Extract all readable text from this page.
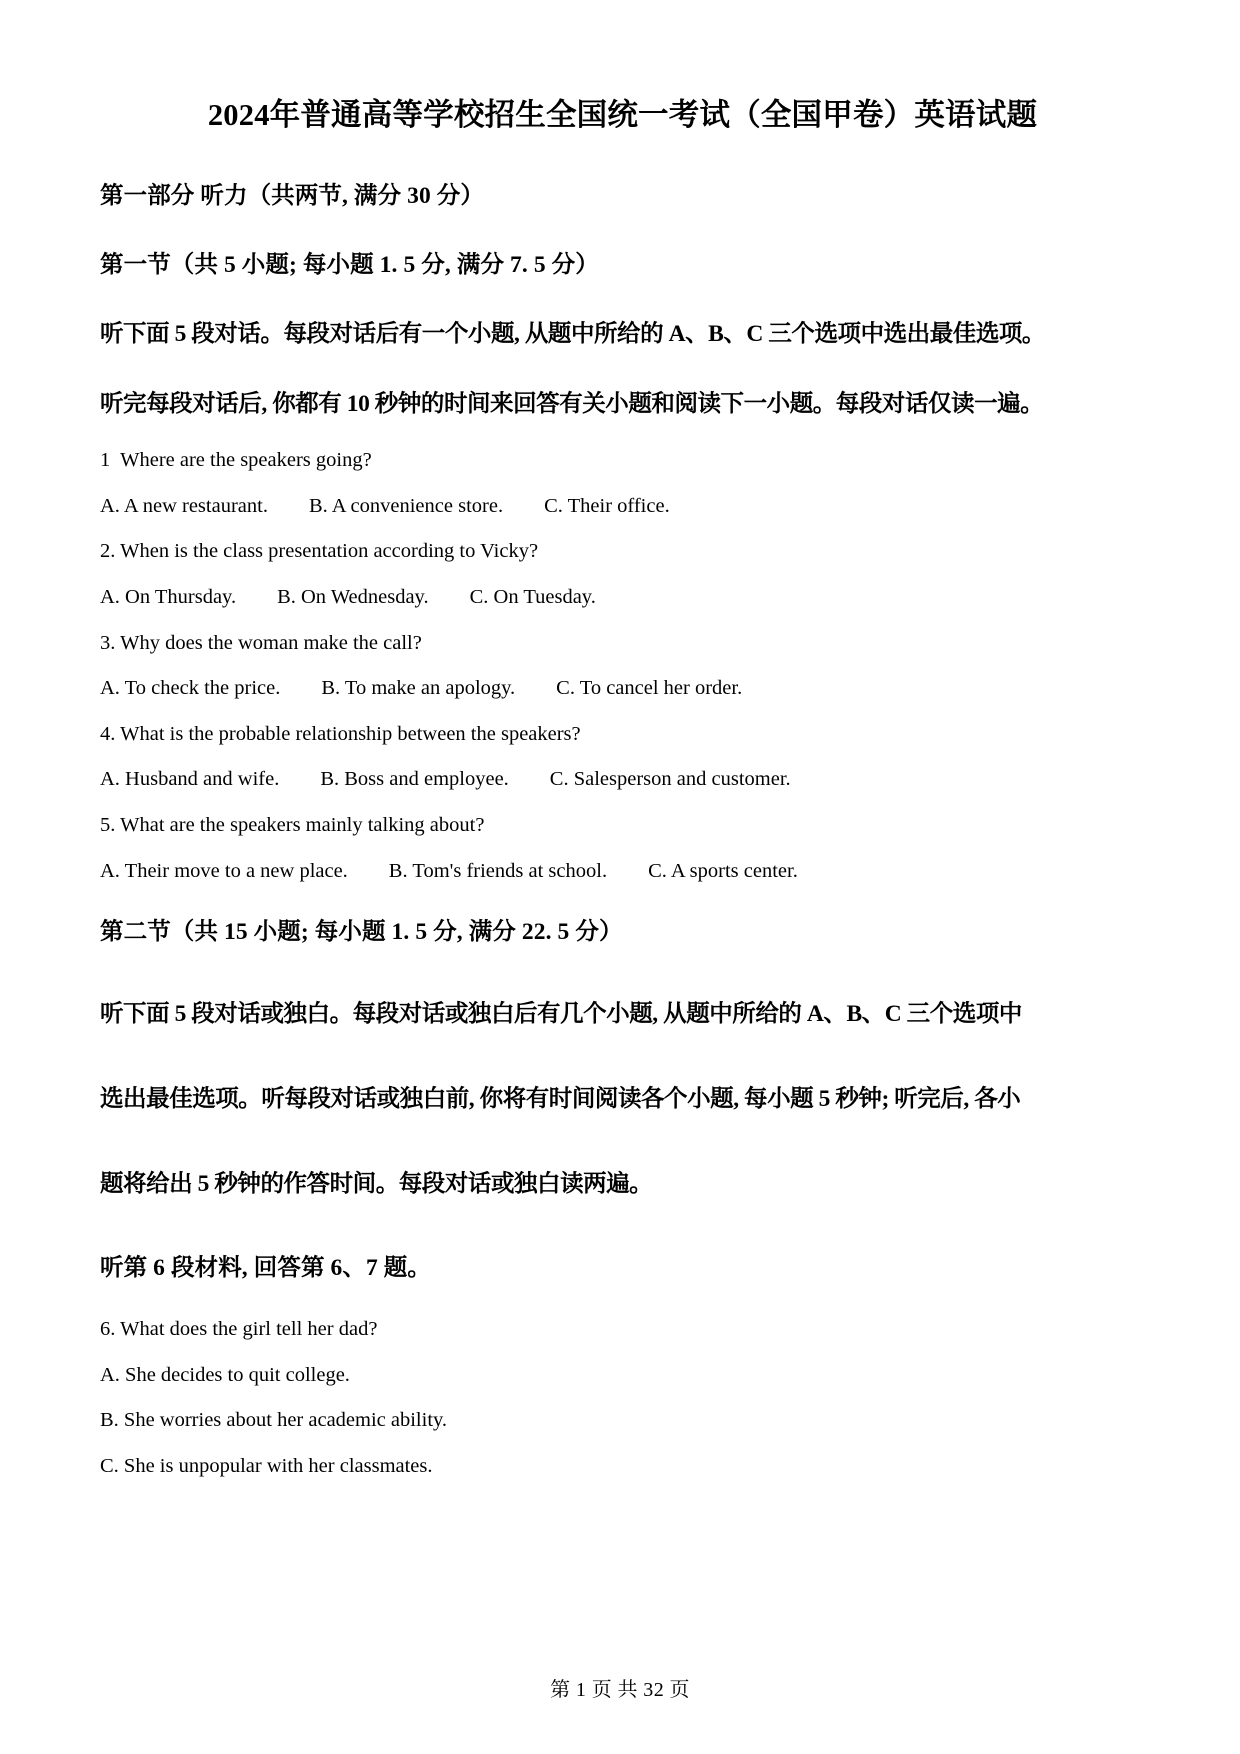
2024年普通高等学校招生全国统一考试（全国甲卷）英语试题

第一部分 听力（共两节, 满分 30 分）

第一节（共 5 小题; 每小题 1. 5 分, 满分 7. 5 分）

听下面 5 段对话。每段对话后有一个小题, 从题中所给的 A、B、C 三个选项中选出最佳选项。

听完每段对话后, 你都有 10 秒钟的时间来回答有关小题和阅读下一小题。每段对话仅读一遍。

1  Where are the speakers going?

A. A new restaurant.        B. A convenience store.        C. Their office.

2. When is the class presentation according to Vicky?

A. On Thursday.        B. On Wednesday.        C. On Tuesday.

3. Why does the woman make the call?

A. To check the price.        B. To make an apology.        C. To cancel her order.

4. What is the probable relationship between the speakers?

A. Husband and wife.        B. Boss and employee.        C. Salesperson and customer.

5. What are the speakers mainly talking about?

A. Their move to a new place.        B. Tom's friends at school.        C. A sports center.

第二节（共 15 小题; 每小题 1. 5 分, 满分 22. 5 分）

听下面 5 段对话或独白。每段对话或独白后有几个小题, 从题中所给的 A、B、C 三个选项中

选出最佳选项。听每段对话或独白前, 你将有时间阅读各个小题, 每小题 5 秒钟; 听完后, 各小

题将给出 5 秒钟的作答时间。每段对话或独白读两遍。

听第 6 段材料, 回答第 6、7 题。

6. What does the girl tell her dad?

A. She decides to quit college.

B. She worries about her academic ability.

C. She is unpopular with her classmates.

第 1 页 共 32 页
